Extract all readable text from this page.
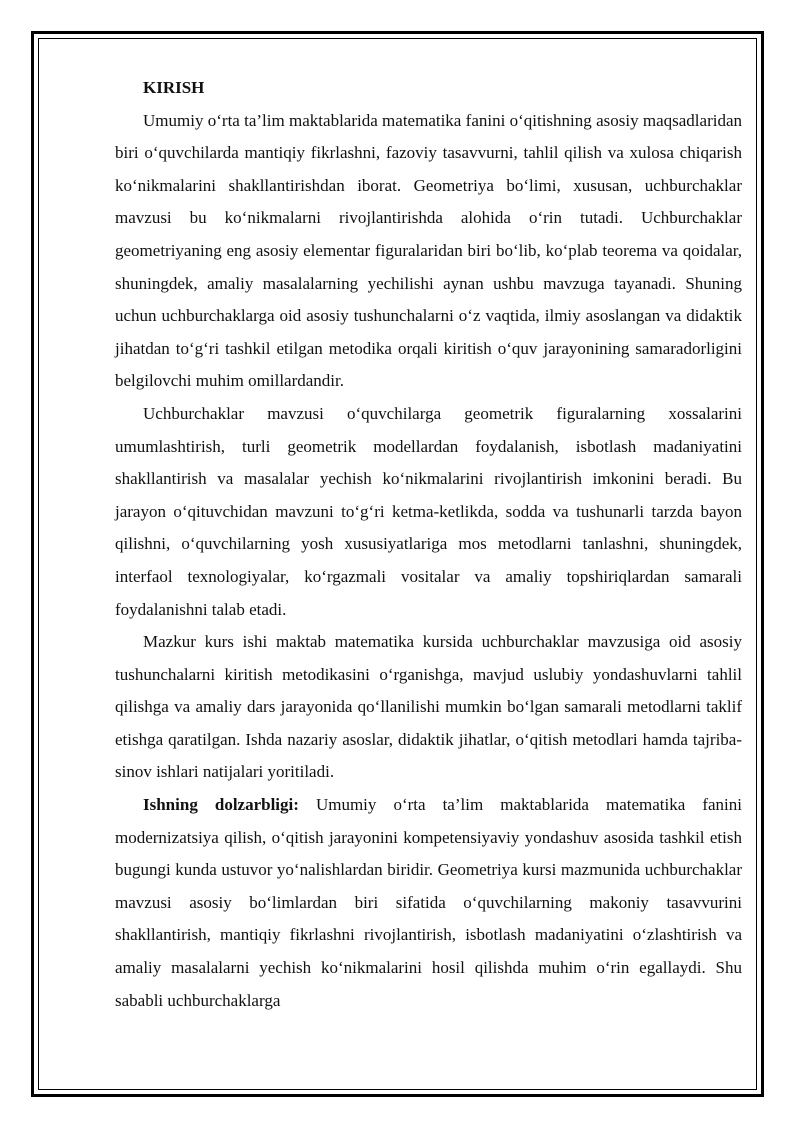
KIRISH

Umumiy o‘rta ta’lim maktablarida matematika fanini o‘qitishning asosiy maqsadlaridan biri o‘quvchilarda mantiqiy fikrlashni, fazoviy tasavvurni, tahlil qilish va xulosa chiqarish ko‘nikmalarini shakllantirishdan iborat. Geometriya bo‘limi, xususan, uchburchaklar mavzusi bu ko‘nikmalarni rivojlantirishda alohida o‘rin tutadi. Uchburchaklar geometriyaning eng asosiy elementar figuralaridan biri bo‘lib, ko‘plab teorema va qoidalar, shuningdek, amaliy masalalarning yechilishi aynan ushbu mavzuga tayanadi. Shuning uchun uchburchaklarga oid asosiy tushunchalarni o‘z vaqtida, ilmiy asoslangan va didaktik jihatdan to‘g‘ri tashkil etilgan metodika orqali kiritish o‘quv jarayonining samaradorligini belgilovchi muhim omillardandir.

Uchburchaklar mavzusi o‘quvchilarga geometrik figuralarning xossalarini umumlashtirish, turli geometrik modellardan foydalanish, isbotlash madaniyatini shakllantirish va masalalar yechish ko‘nikmalarini rivojlantirish imkonini beradi. Bu jarayon o‘qituvchidan mavzuni to‘g‘ri ketma-ketlikda, sodda va tushunarli tarzda bayon qilishni, o‘quvchilarning yosh xususiyatlariga mos metodlarni tanlashni, shuningdek, interfaol texnologiyalar, ko‘rgazmali vositalar va amaliy topshiriqlardan samarali foydalanishni talab etadi.

Mazkur kurs ishi maktab matematika kursida uchburchaklar mavzusiga oid asosiy tushunchalarni kiritish metodikasini o‘rganishga, mavjud uslubiy yondashuvlarni tahlil qilishga va amaliy dars jarayonida qo‘llanilishi mumkin bo‘lgan samarali metodlarni taklif etishga qaratilgan. Ishda nazariy asoslar, didaktik jihatlar, o‘qitish metodlari hamda tajriba-sinov ishlari natijalari yoritiladi.

Ishning dolzarbligi: Umumiy o‘rta ta’lim maktablarida matematika fanini modernizatsiya qilish, o‘qitish jarayonini kompetensiyaviy yondashuv asosida tashkil etish bugungi kunda ustuvor yo‘nalishlardan biridir. Geometriya kursi mazmunida uchburchaklar mavzusi asosiy bo‘limlardan biri sifatida o‘quvchilarning makoniy tasavvurini shakllantirish, mantiqiy fikrlashni rivojlantirish, isbotlash madaniyatini o‘zlashtirish va amaliy masalalarni yechish ko‘nikmalarini hosil qilishda muhim o‘rin egallaydi. Shu sababli uchburchaklarga
